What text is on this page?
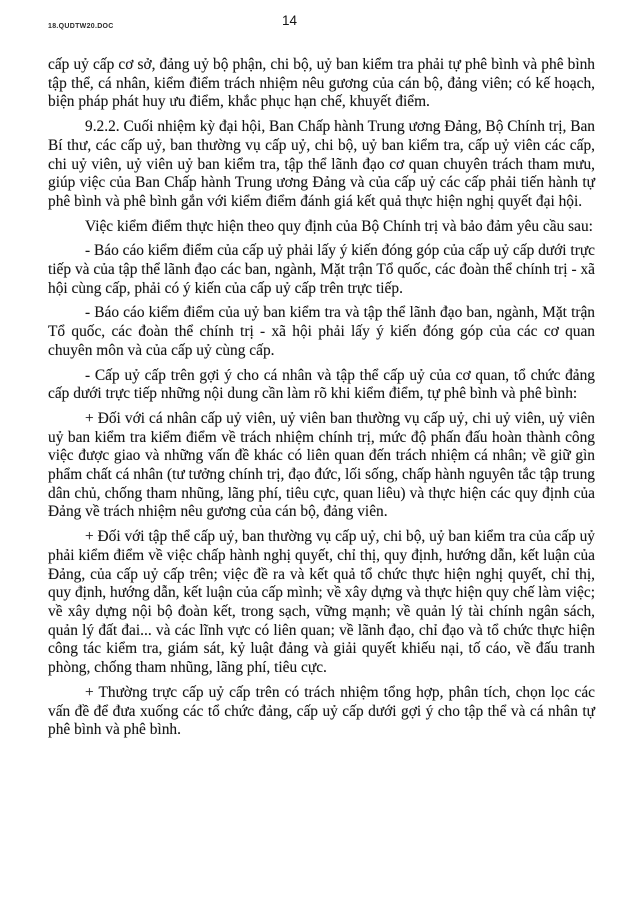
18.QUDTW20.DOC	14

cấp uỷ cấp cơ sở, đảng uỷ bộ phận, chi bộ, uỷ ban kiểm tra phải tự phê bình và phê bình tập thể, cá nhân, kiểm điểm trách nhiệm nêu gương của cán bộ, đảng viên; có kế hoạch, biện pháp phát huy ưu điểm, khắc phục hạn chế, khuyết điểm.

9.2.2. Cuối nhiệm kỳ đại hội, Ban Chấp hành Trung ương Đảng, Bộ Chính trị, Ban Bí thư, các cấp uỷ, ban thường vụ cấp uỷ, chi bộ, uỷ ban kiểm tra, cấp uỷ viên các cấp, chi uỷ viên, uỷ viên uỷ ban kiểm tra, tập thể lãnh đạo cơ quan chuyên trách tham mưu, giúp việc của Ban Chấp hành Trung ương Đảng và của cấp uỷ các cấp phải tiến hành tự phê bình và phê bình gắn với kiểm điểm đánh giá kết quả thực hiện nghị quyết đại hội.

Việc kiểm điểm thực hiện theo quy định của Bộ Chính trị và bảo đảm yêu cầu sau:

- Báo cáo kiểm điểm của cấp uỷ phải lấy ý kiến đóng góp của cấp uỷ cấp dưới trực tiếp và của tập thể lãnh đạo các ban, ngành, Mặt trận Tổ quốc, các đoàn thể chính trị - xã hội cùng cấp, phải có ý kiến của cấp uỷ cấp trên trực tiếp.

- Báo cáo kiểm điểm của uỷ ban kiểm tra và tập thể lãnh đạo ban, ngành, Mặt trận Tổ quốc, các đoàn thể chính trị - xã hội phải lấy ý kiến đóng góp của các cơ quan chuyên môn và của cấp uỷ cùng cấp.

- Cấp uỷ cấp trên gợi ý cho cá nhân và tập thể cấp uỷ của cơ quan, tổ chức đảng cấp dưới trực tiếp những nội dung cần làm rõ khi kiểm điểm, tự phê bình và phê bình:

+ Đối với cá nhân cấp uỷ viên, uỷ viên ban thường vụ cấp uỷ, chi uỷ viên, uỷ viên uỷ ban kiểm tra kiểm điểm về trách nhiệm chính trị, mức độ phấn đấu hoàn thành công việc được giao và những vấn đề khác có liên quan đến trách nhiệm cá nhân; về giữ gìn phẩm chất cá nhân (tư tưởng chính trị, đạo đức, lối sống, chấp hành nguyên tắc tập trung dân chủ, chống tham nhũng, lãng phí, tiêu cực, quan liêu) và thực hiện các quy định của Đảng về trách nhiệm nêu gương của cán bộ, đảng viên.

+ Đối với tập thể cấp uỷ, ban thường vụ cấp uỷ, chi bộ, uỷ ban kiểm tra của cấp uỷ phải kiểm điểm về việc chấp hành nghị quyết, chỉ thị, quy định, hướng dẫn, kết luận của Đảng, của cấp uỷ cấp trên; việc đề ra và kết quả tổ chức thực hiện nghị quyết, chỉ thị, quy định, hướng dẫn, kết luận của cấp mình; về xây dựng và thực hiện quy chế làm việc; về xây dựng nội bộ đoàn kết, trong sạch, vững mạnh; về quản lý tài chính ngân sách, quản lý đất đai... và các lĩnh vực có liên quan; về lãnh đạo, chỉ đạo và tổ chức thực hiện công tác kiểm tra, giám sát, kỷ luật đảng và giải quyết khiếu nại, tố cáo, về đấu tranh phòng, chống tham nhũng, lãng phí, tiêu cực.

+ Thường trực cấp uỷ cấp trên có trách nhiệm tổng hợp, phân tích, chọn lọc các vấn đề để đưa xuống các tổ chức đảng, cấp uỷ cấp dưới gợi ý cho tập thể và cá nhân tự phê bình và phê bình.
